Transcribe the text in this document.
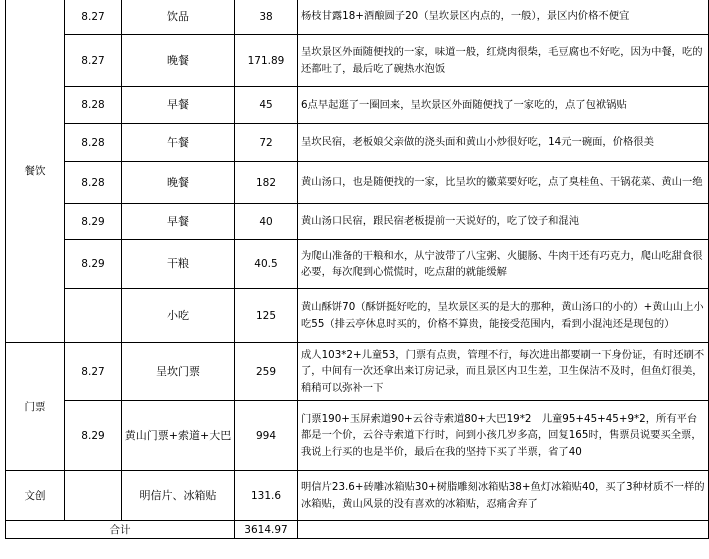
餐饮	8.27	饮品	38	杨枝甘露18+酒酿圆子20（呈坎景区内点的，一般），景区内价格不便宜
	8.27	晚餐	171.89	呈坎景区外面随便找的一家，味道一般，红烧肉很柴，毛豆腐也不好吃，因为中餐，吃的还都吐了，最后吃了碗热水泡饭
	8.28	早餐	45	6点早起逛了一圈回来，呈坎景区外面随便找了一家吃的，点了包袱锅贴
	8.28	午餐	72	呈坎民宿，老板娘父亲做的浇头面和黄山小炒很好吃，14元一碗面，价格很美
	8.28	晚餐	182	黄山汤口，也是随便找的一家，比呈坎的徽菜要好吃，点了臭桂鱼、干锅花菜、黄山一绝
	8.29	早餐	40	黄山汤口民宿，跟民宿老板提前一天说好的，吃了饺子和混沌
	8.29	干粮	40.5	为爬山准备的干粮和水，从宁波带了八宝粥、火腿肠、牛肉干还有巧克力，爬山吃甜食很必要，每次爬到心慌慌时，吃点甜的就能缓解
		小吃	125	黄山酥饼70（酥饼挺好吃的，呈坎景区买的是大的那种，黄山汤口的小的）+黄山山上小吃55（排云亭休息时买的，价格不算贵，能接受范围内，看到小混沌还是现包的）
门票	8.27	呈坎门票	259	成人103*2+儿童53，门票有点贵，管理不行，每次进出都要刷一下身份证，有时还刷不了，中间有一次还拿出来订房记录，而且景区内卫生差，卫生保洁不及时，但鱼灯很美，稍稍可以弥补一下
	8.29	黄山门票+索道+大巴	994	门票190+玉屏索道90+云谷寺索道80+大巴19*2　儿童95+45+45+9*2，所有平台都是一个价，云谷寺索道下行时，问到小孩几岁多高，回复165时，售票员说要买全票，我说上行买的也是半价，最后在我的坚持下买了半票，省了40
文创		明信片、冰箱贴	131.6	明信片23.6+砖雕冰箱贴30+树脂雕刻冰箱贴38+鱼灯冰箱贴40，买了3种材质不一样的冰箱贴，黄山风景的没有喜欢的冰箱贴，忍痛舍弃了
合计			3614.97	
